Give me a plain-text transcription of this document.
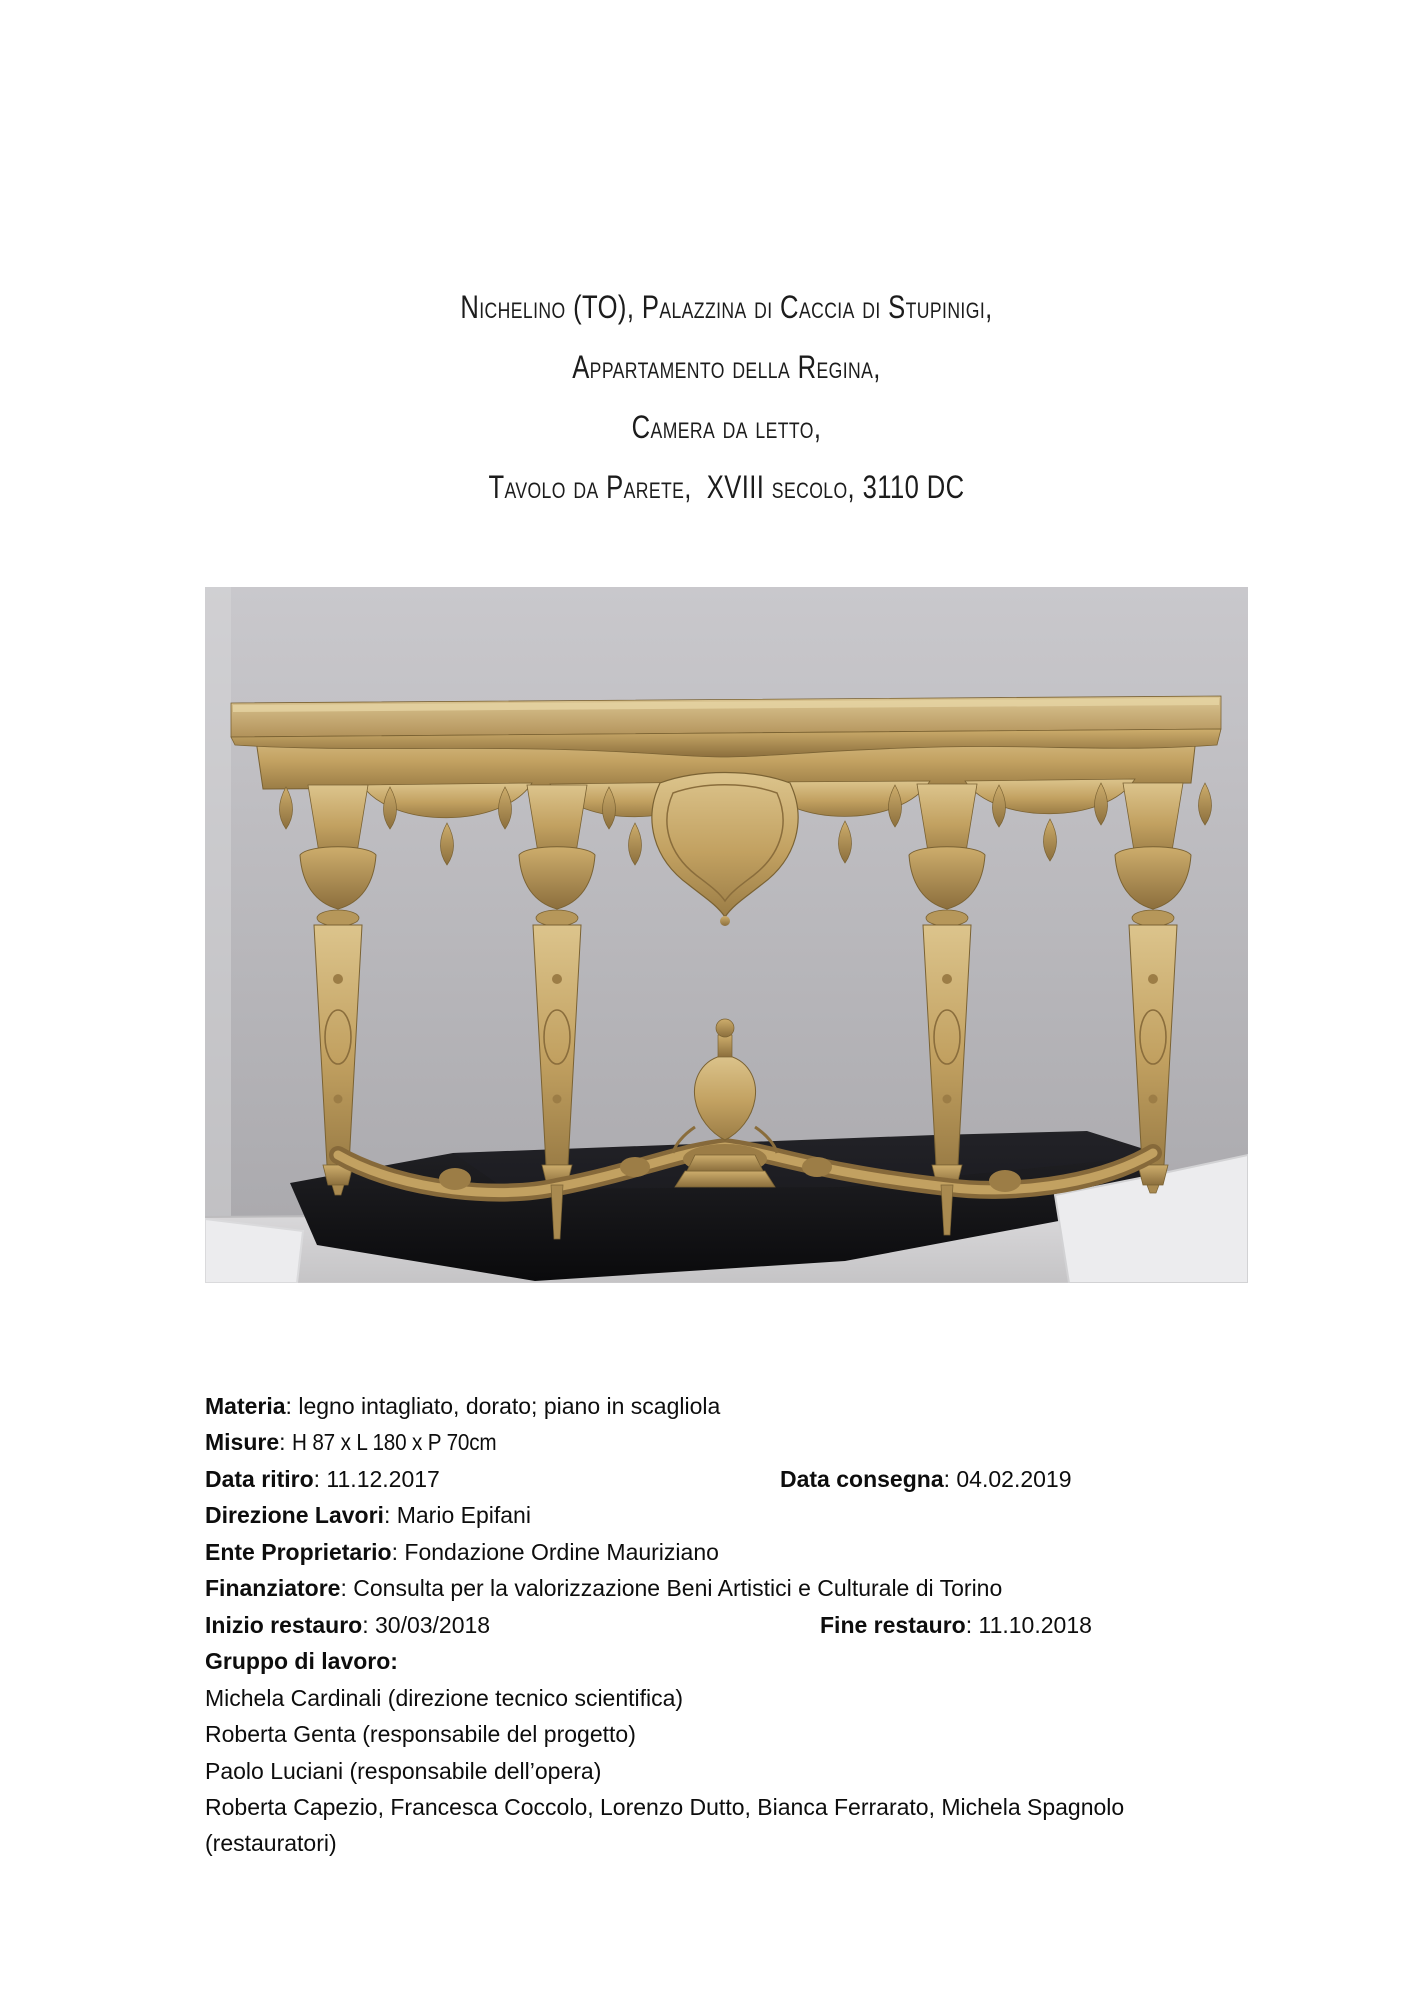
Nichelino (TO), Palazzina di Caccia di Stupinigi,
Appartamento della Regina,
Camera da letto,
Tavolo da Parete,  XVIII secolo, 3110 DC
Materia: legno intagliato, dorato; piano in scagliola
Misure: H 87 x L 180 x P 70cm
Data ritiro: 11.12.2017	Data consegna: 04.02.2019
Direzione Lavori: Mario Epifani
Ente Proprietario: Fondazione Ordine Mauriziano
Finanziatore: Consulta per la valorizzazione Beni Artistici e Culturale di Torino
Inizio restauro: 30/03/2018	Fine restauro: 11.10.2018
Gruppo di lavoro:
Michela Cardinali (direzione tecnico scientifica)
Roberta Genta (responsabile del progetto)
Paolo Luciani (responsabile dell’opera)
Roberta Capezio, Francesca Coccolo, Lorenzo Dutto, Bianca Ferrarato, Michela Spagnolo
(restauratori)
